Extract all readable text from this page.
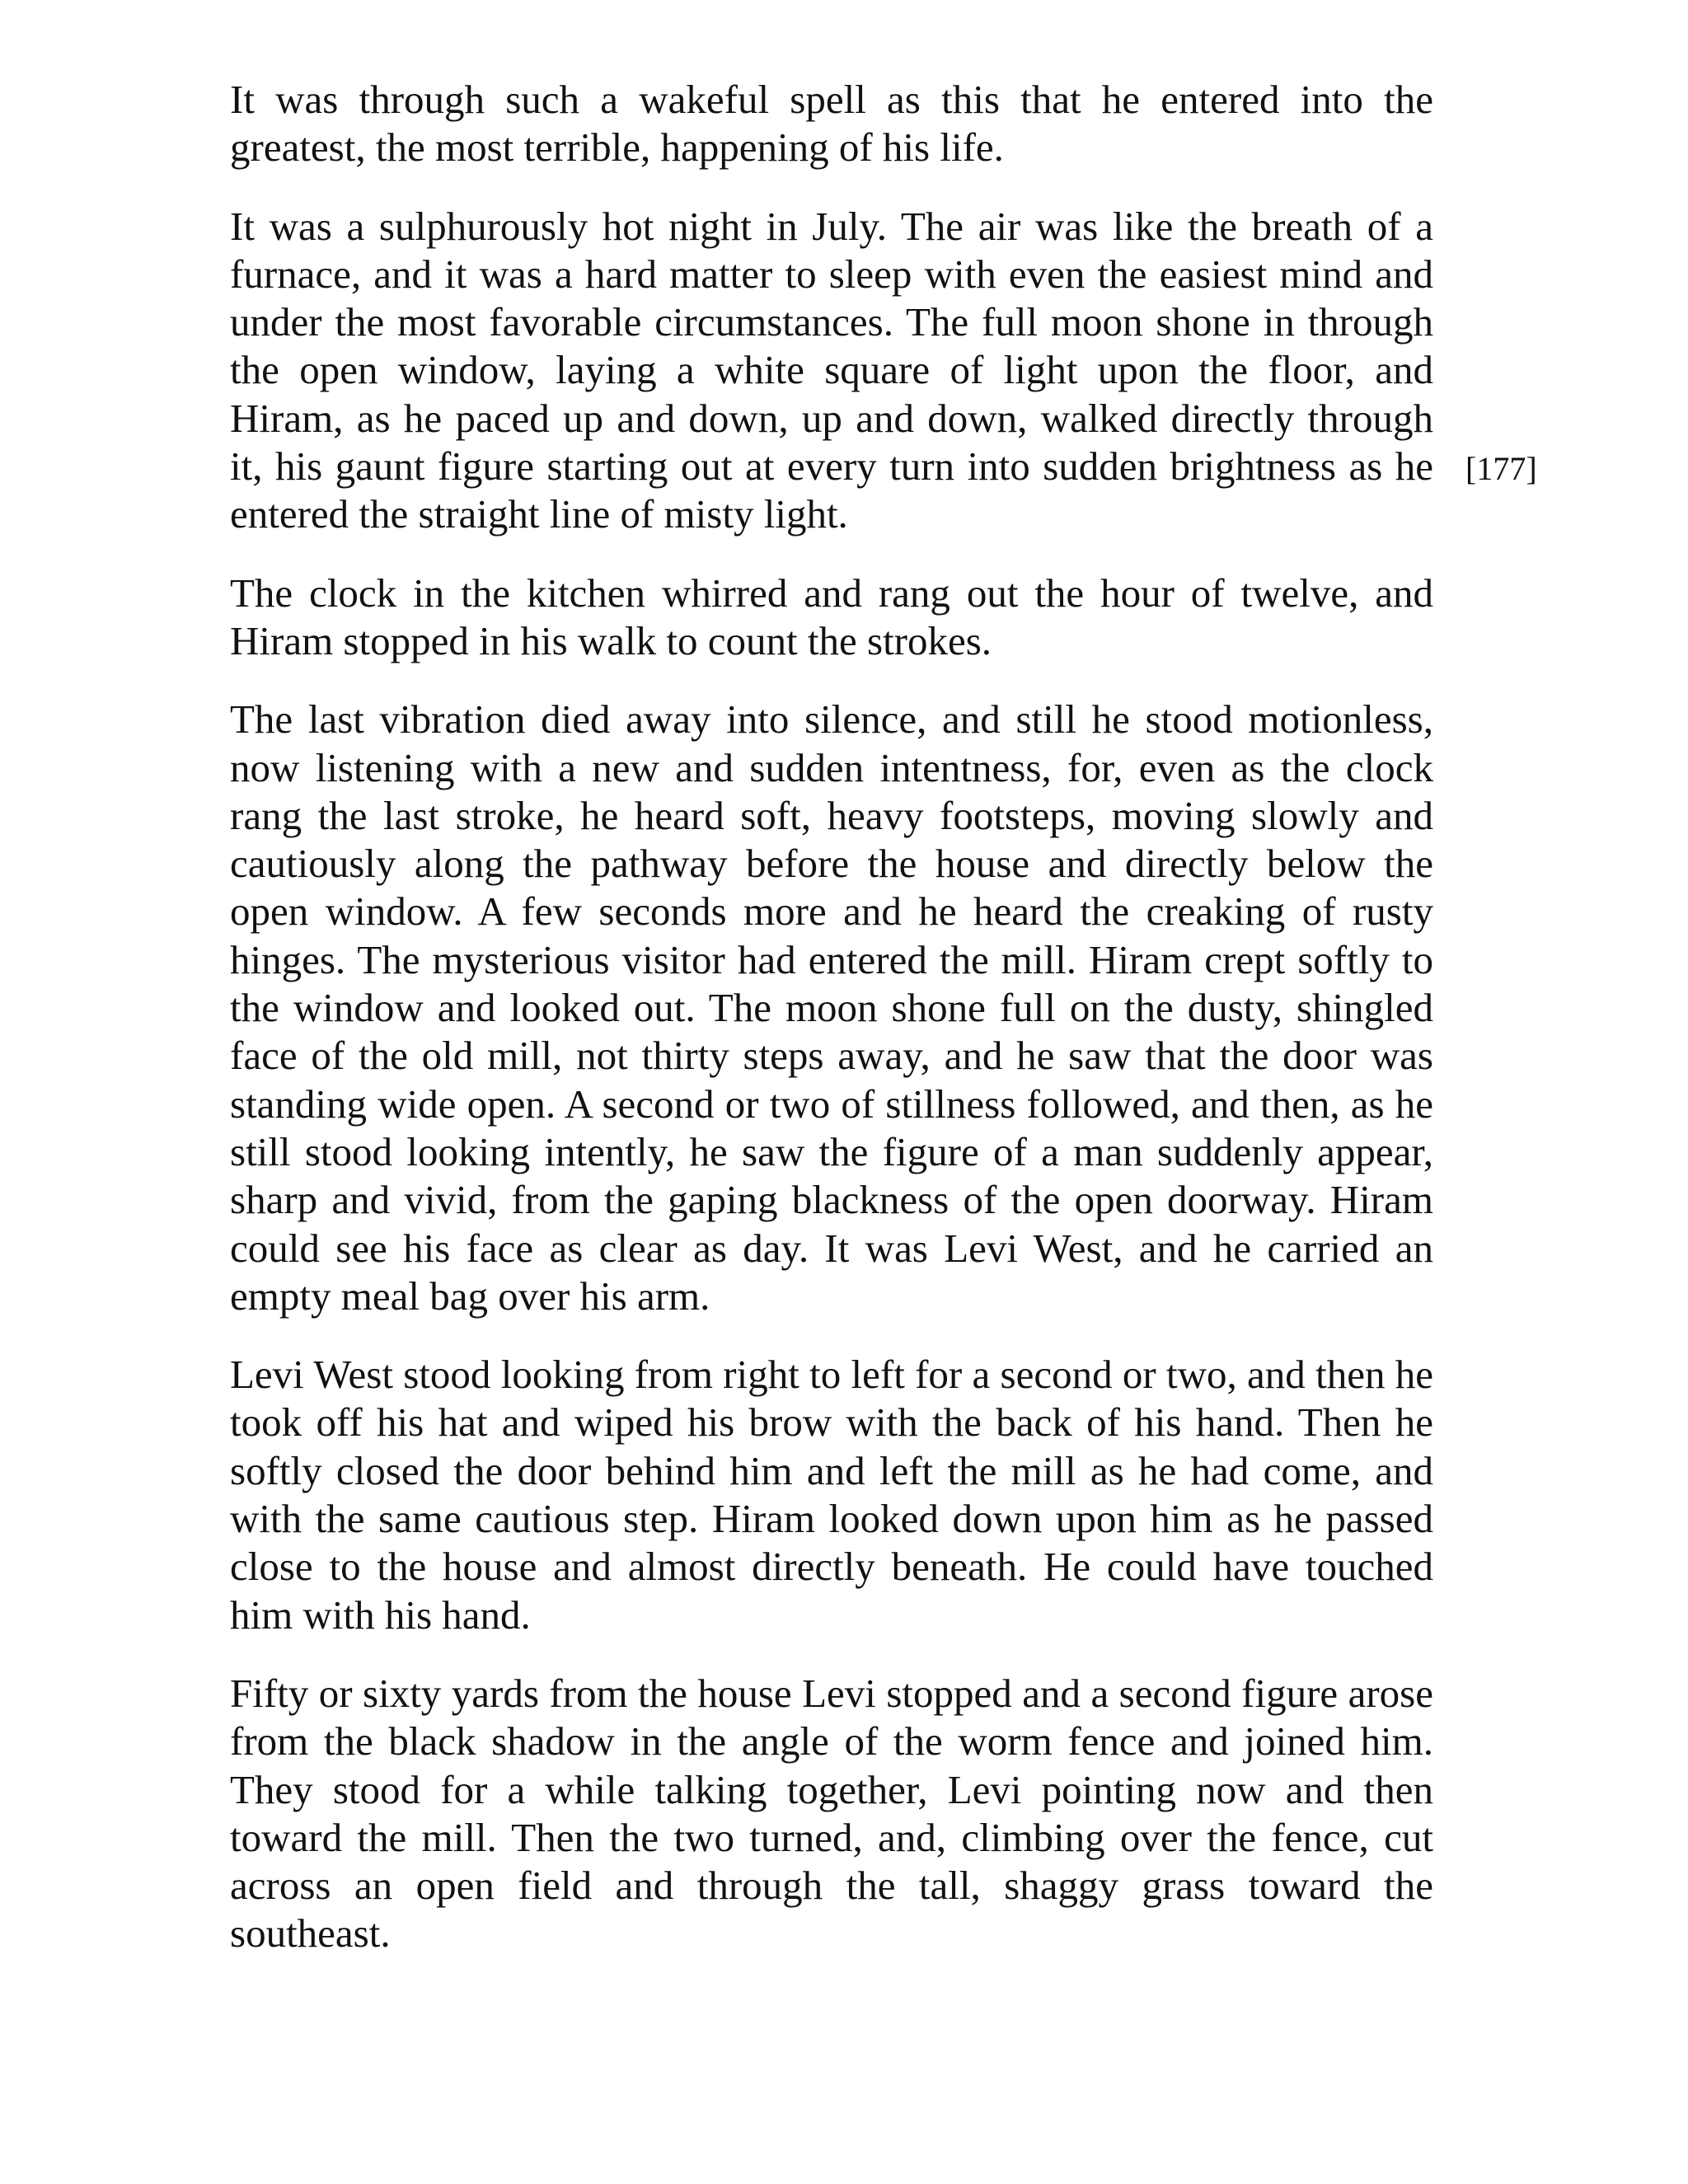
It was through such a wakeful spell as this that he entered into the greatest, the most terrible, happening of his life.

It was a sulphurously hot night in July. The air was like the breath of a furnace, and it was a hard matter to sleep with even the easiest mind and under the most favorable circumstances. The full moon shone in through the open window, laying a white square of light upon the floor, and Hiram, as he paced up and down, up and down, walked directly through it, his gaunt figure starting out at every turn into sudden brightness as he entered the straight line of misty light.

The clock in the kitchen whirred and rang out the hour of twelve, and Hiram stopped in his walk to count the strokes.

The last vibration died away into silence, and still he stood motionless, now listening with a new and sudden intentness, for, even as the clock rang the last stroke, he heard soft, heavy footsteps, moving slowly and cautiously along the pathway before the house and directly below the open window. A few seconds more and he heard the creaking of rusty hinges. The mysterious visitor had entered the mill. Hiram crept softly to the window and looked out. The moon shone full on the dusty, shingled face of the old mill, not thirty steps away, and he saw that the door was standing wide open. A second or two of stillness followed, and then, as he still stood looking intently, he saw the figure of a man suddenly appear, sharp and vivid, from the gaping blackness of the open doorway. Hiram could see his face as clear as day. It was Levi West, and he carried an empty meal bag over his arm.

Levi West stood looking from right to left for a second or two, and then he took off his hat and wiped his brow with the back of his hand. Then he softly closed the door behind him and left the mill as he had come, and with the same cautious step. Hiram looked down upon him as he passed close to the house and almost directly beneath. He could have touched him with his hand.

Fifty or sixty yards from the house Levi stopped and a second figure arose from the black shadow in the angle of the worm fence and joined him. They stood for a while talking together, Levi pointing now and then toward the mill. Then the two turned, and, climbing over the fence, cut across an open field and through the tall, shaggy grass toward the southeast.

[177]
